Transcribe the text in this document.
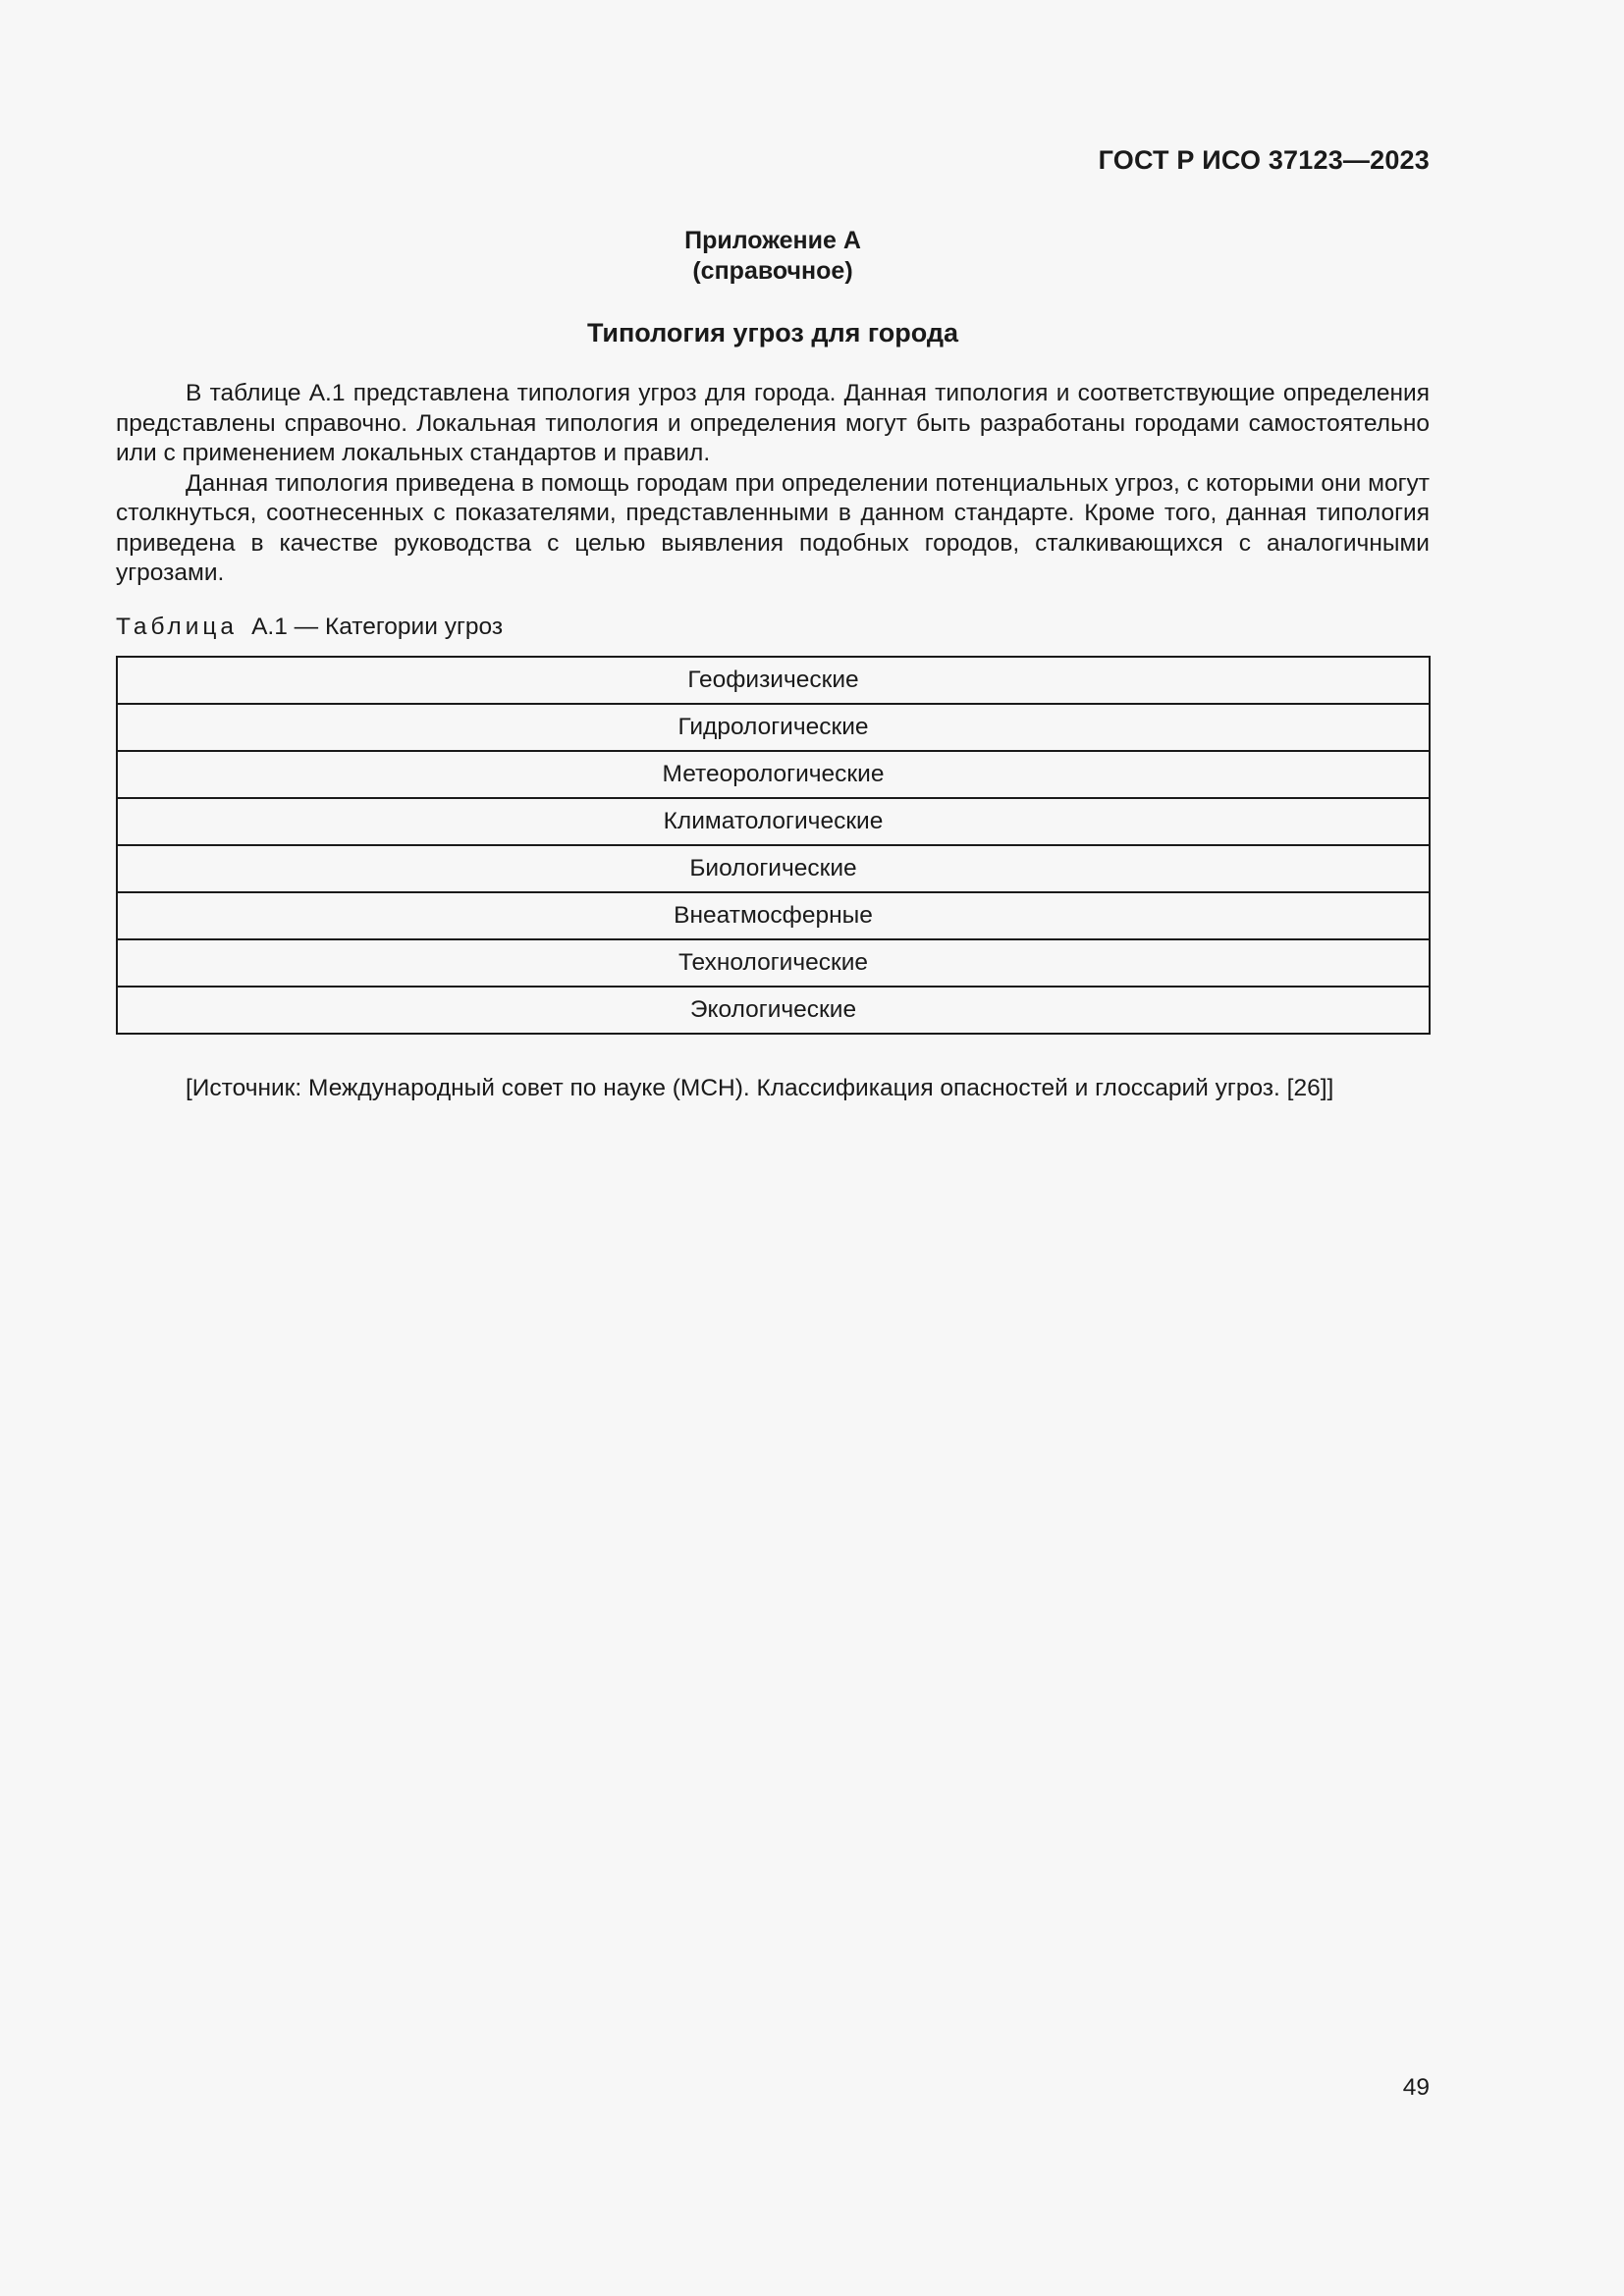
ГОСТ Р ИСО 37123—2023
Приложение А
(справочное)
Типология угроз для города

В таблице А.1 представлена типология угроз для города. Данная типология и соответствующие определения представлены справочно. Локальная типология и определения могут быть разработаны городами самостоятельно или с применением локальных стандартов и правил.

Данная типология приведена в помощь городам при определении потенциальных угроз, с которыми они могут столкнуться, соотнесенных с показателями, представленными в данном стандарте. Кроме того, данная типология приведена в качестве руководства с целью выявления подобных городов, сталкивающихся с аналогичными угрозами.

Таблица А.1 — Категории угроз
Геофизические
Гидрологические
Метеорологические
Климатологические
Биологические
Внеатмосферные
Технологические
Экологические
[Источник: Международный совет по науке (МСН). Классификация опасностей и глоссарий угроз. [26]]
49
